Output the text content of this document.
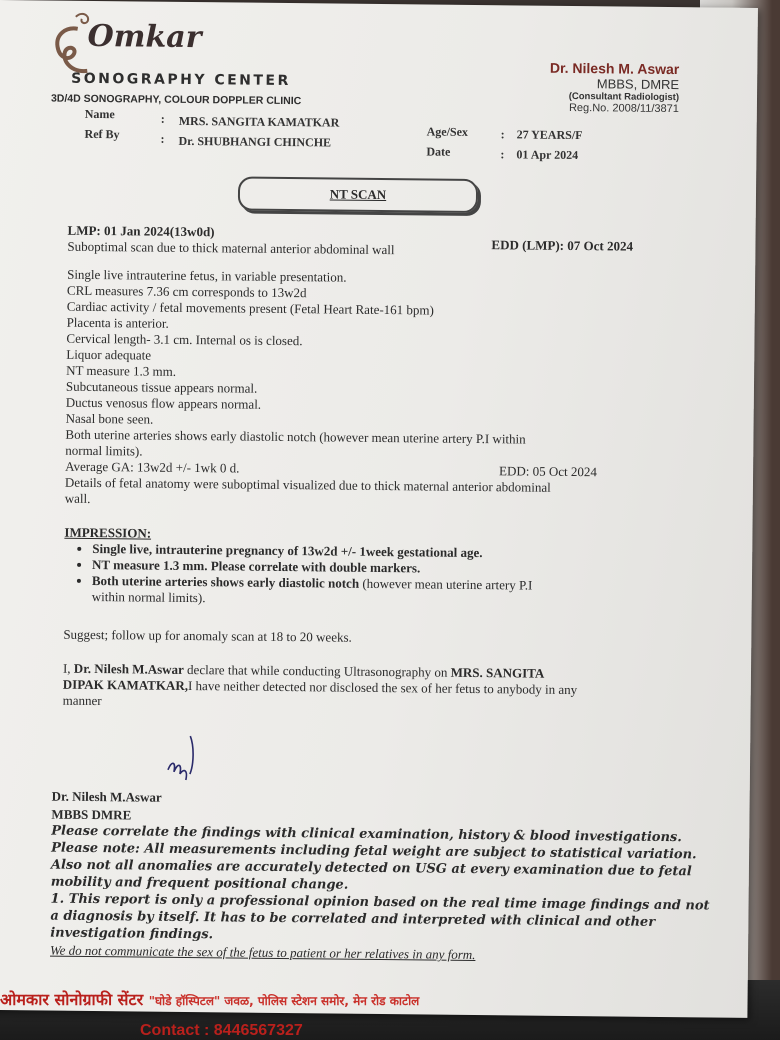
Omkar
SONOGRAPHY CENTER
3D/4D SONOGRAPHY, COLOUR DOPPLER CLINIC
Dr. Nilesh M. Aswar
MBBS, DMRE
(Consultant Radiologist)
Reg.No. 2008/11/3871
Name	: MRS. SANGITA KAMATKAR
Ref By	: Dr. SHUBHANGI CHINCHE
Age/Sex	: 27 YEARS/F
Date	: 01 Apr 2024
NT SCAN
LMP: 01 Jan 2024(13w0d)
Suboptimal scan due to thick maternal anterior abdominal wall	EDD (LMP): 07 Oct 2024
Single live intrauterine fetus, in variable presentation.
CRL measures 7.36 cm corresponds to 13w2d
Cardiac activity / fetal movements present (Fetal Heart Rate-161 bpm)
Placenta is anterior.
Cervical length- 3.1 cm. Internal os is closed.
Liquor adequate
NT measure 1.3 mm.
Subcutaneous tissue appears normal.
Ductus venosus flow appears normal.
Nasal bone seen.
Both uterine arteries shows early diastolic notch (however mean uterine artery P.I within
normal limits).
Average GA: 13w2d +/- 1wk 0 d.	EDD: 05 Oct 2024
Details of fetal anatomy were suboptimal visualized due to thick maternal anterior abdominal
wall.
IMPRESSION:
• Single live, intrauterine pregnancy of 13w2d +/- 1week gestational age.
• NT measure 1.3 mm. Please correlate with double markers.
• Both uterine arteries shows early diastolic notch (however mean uterine artery P.I
within normal limits).
Suggest; follow up for anomaly scan at 18 to 20 weeks.
I, Dr. Nilesh M.Aswar declare that while conducting Ultrasonography on MRS. SANGITA
DIPAK KAMATKAR,I have neither detected nor disclosed the sex of her fetus to anybody in any
manner
Dr. Nilesh M.Aswar
MBBS DMRE
Please correlate the findings with clinical examination, history & blood investigations.
Please note: All measurements including fetal weight are subject to statistical variation.
Also not all anomalies are accurately detected on USG at every examination due to fetal
mobility and frequent positional change.
1. This report is only a professional opinion based on the real time image findings and not
a diagnosis by itself. It has to be correlated and interpreted with clinical and other
investigation findings.
We do not communicate the sex of the fetus to patient or her relatives in any form.
ओमकार सोनोग्राफी सेंटर "घोडे हॉस्पिटल" जवळ, पोलिस स्टेशन समोर, मेन रोड काटोल
Contact : 8446567327
